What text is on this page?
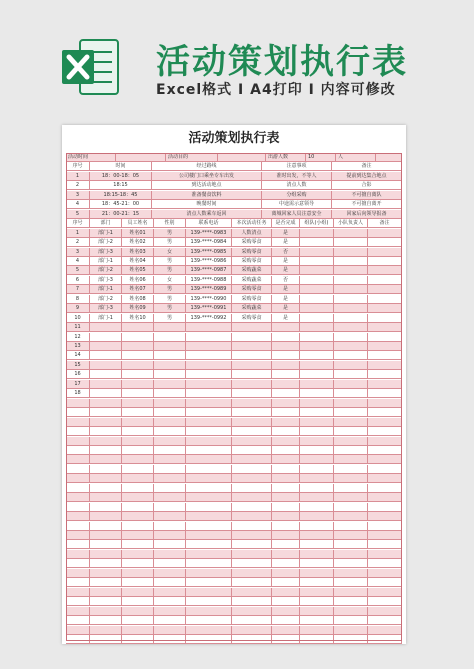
活动策划执行表
Excel格式 Ⅰ A4打印 Ⅰ 内容可修改
活动策划执行表
活动时间	活动目的	出游人数	10	人
序号	时间	经过路线	注意事项	备注
1	18：00-18：05	公司楼门口乘坐专车出发	准时出发，不等人	提前到达集合地点
2	18:15	到达活动地点	清点人数	合影
3	18:15-18：45	准备餐食饮料	分组采购	不可擅自离队
4	18：45-21：00	晚餐时间	中途需示意领导	不可擅自离开
5	21：00-21：15	清点人数乘车返回	离城回家人员注意安全	回家后向领导报备
序号	部门	员工姓名	性别	联系电话	本次活动任务	是否完成	组队(小组)	小队负责人	备注
1	部门-1	姓名01	男	139-****-0983	人数清点	是
2	部门-2	姓名02	男	139-****-0984	采购零食	是
3	部门-3	姓名03	女	139-****-0985	采购零食	否
4	部门-1	姓名04	男	139-****-0986	采购零食	是
5	部门-2	姓名05	男	139-****-0987	采购蔬菜	是
6	部门-3	姓名06	女	139-****-0988	采购蔬菜	否
7	部门-1	姓名07	男	139-****-0989	采购零食	是
8	部门-2	姓名08	男	139-****-0990	采购零食	是
9	部门-3	姓名09	男	139-****-0991	采购蔬菜	是
10	部门-1	姓名10	男	139-****-0992	采购零食	是
11
12
13
14
15
16
17
18
